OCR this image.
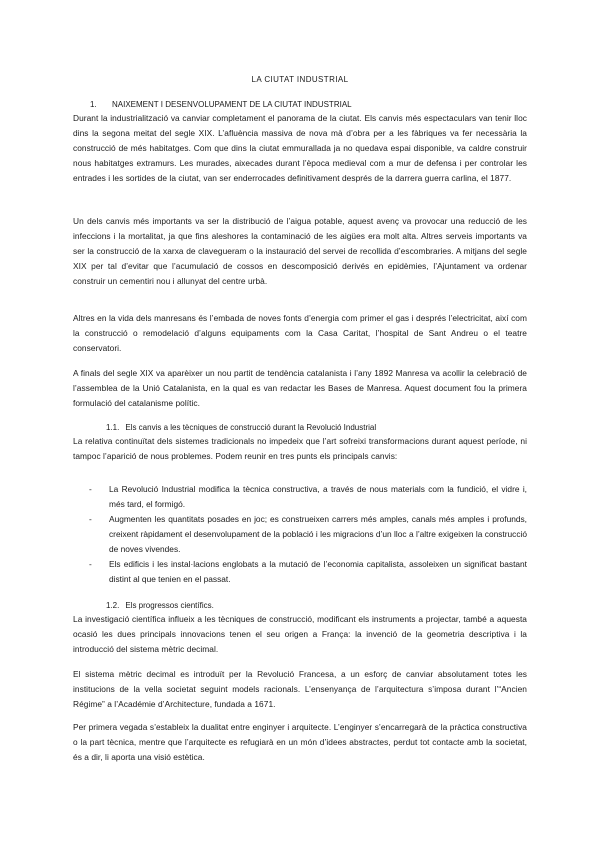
LA CIUTAT INDUSTRIAL
1. NAIXEMENT I DESENVOLUPAMENT DE LA CIUTAT INDUSTRIAL
Durant la industrialització va canviar completament el panorama de la ciutat. Els canvis més espectaculars van tenir lloc dins la segona meitat del segle XIX. L’afluència massiva de nova mà d’obra per a les fàbriques va fer necessària la construcció de més habitatges. Com que dins la ciutat emmurallada ja no quedava espai disponible, va caldre construir nous habitatges extramurs. Les murades, aixecades durant l’època medieval com a mur de defensa i per controlar les entrades i les sortides de la ciutat, van ser enderrocades definitivament després de la darrera guerra carlina, el 1877.
Un dels canvis més importants va ser la distribució de l’aigua potable, aquest avenç va provocar una reducció de les infeccions i la mortalitat, ja que fins aleshores la contaminació de les aigües era molt alta. Altres serveis importants va ser la construcció de la xarxa de clavegueram o la instauració del servei de recollida d’escombraries. A mitjans del segle XIX per tal d’evitar que l’acumulació de cossos en descomposició derivés en epidèmies, l’Ajuntament va ordenar construir un cementiri nou i allunyat del centre urbà.
Altres en la vida dels manresans és l’embada de noves fonts d’energia com primer el gas i després l’electricitat, així com la construcció o remodelació d’alguns equipaments com la Casa Caritat, l’hospital de Sant Andreu o el teatre conservatori.
A finals del segle XIX va aparèixer un nou partit de tendència catalanista i l’any 1892 Manresa va acollir la celebració de l’assemblea de la Unió Catalanista, en la qual es van redactar les Bases de Manresa. Aquest document fou la primera formulació del catalanisme polític.
1.1. Els canvis a les tècniques de construcció durant la Revolució Industrial
La relativa continuïtat dels sistemes tradicionals no impedeix que l’art sofreixi transformacions durant aquest període, ni tampoc l’aparició de nous problemes. Podem reunir en tres punts els principals canvis:
- La Revolució Industrial modifica la tècnica constructiva, a través de nous materials com la fundició, el vidre i, més tard, el formigó.
- Augmenten les quantitats posades en joc; es construeixen carrers més amples, canals més amples i profunds, creixent ràpidament el desenvolupament de la població i les migracions d’un lloc a l’altre exigeixen la construcció de noves vivendes.
- Els edificis i les instal·lacions englobats a la mutació de l’economia capitalista, assoleixen un significat bastant distint al que tenien en el passat.
1.2. Els progressos científics.
La investigació científica influeix a les tècniques de construcció, modificant els instruments a projectar, també a aquesta ocasió les dues principals innovacions tenen el seu origen a França: la invenció de la geometria descriptiva i la introducció del sistema mètric decimal.
El sistema mètric decimal es introduït per la Revolució Francesa, a un esforç de canviar absolutament totes les institucions de la vella societat seguint models racionals. L’ensenyança de l’arquitectura s’imposa durant l’“Ancien Régime” a l’Académie d’Architecture, fundada a 1671.
Per primera vegada s’estableix la dualitat entre enginyer i arquitecte. L’enginyer s’encarregarà de la pràctica constructiva o la part tècnica, mentre que l’arquitecte es refugiarà en un món d’idees abstractes, perdut tot contacte amb la societat, és a dir, li aporta una visió estètica.
